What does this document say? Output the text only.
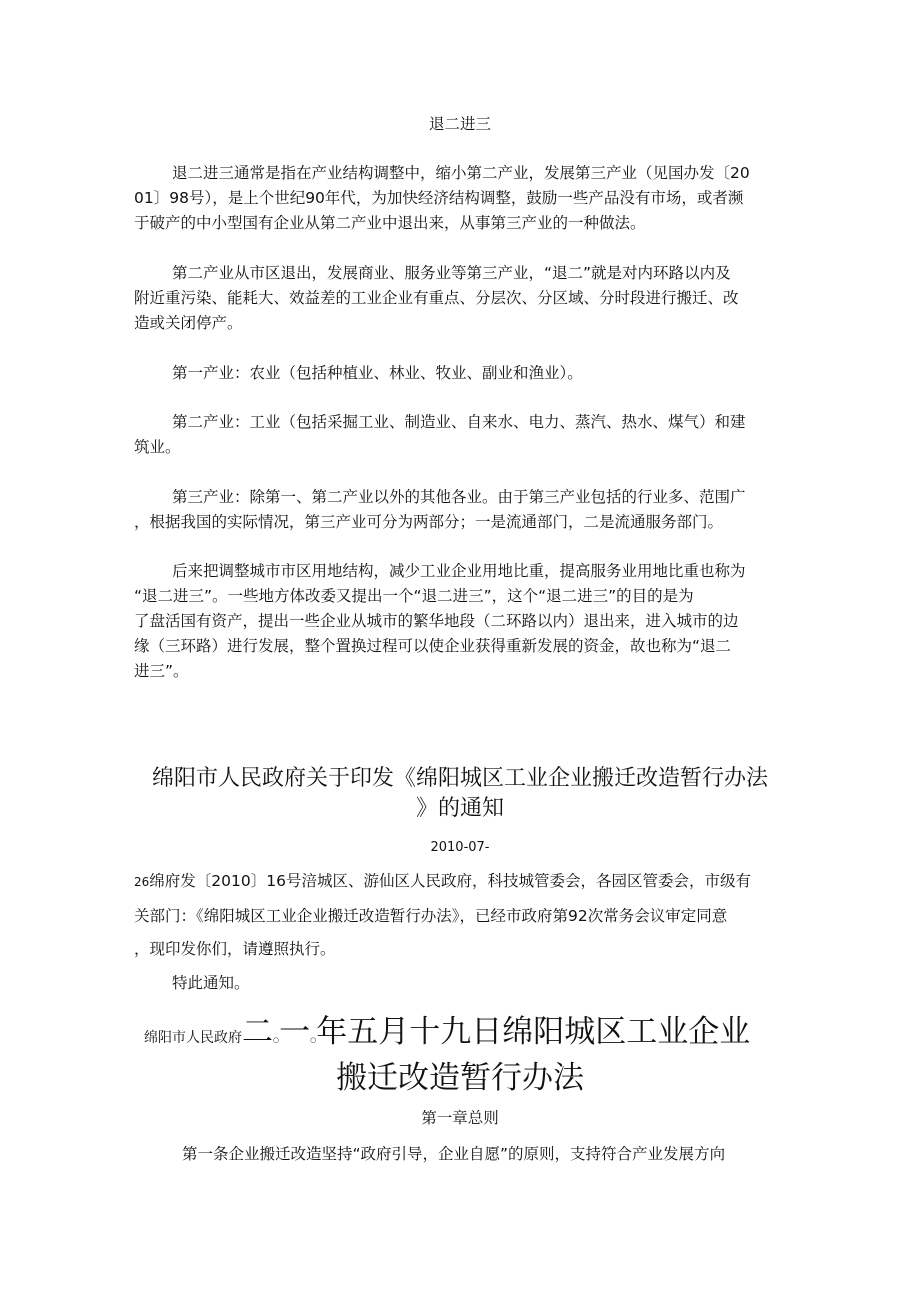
退二进三
退二进三通常是指在产业结构调整中，缩小第二产业，发展第三产业（见国办发〔20
01〕98号），是上个世纪90年代，为加快经济结构调整，鼓励一些产品没有市场，或者濒
于破产的中小型国有企业从第二产业中退出来，从事第三产业的一种做法。
第二产业从市区退出，发展商业、服务业等第三产业，“退二”就是对内环路以内及
附近重污染、能耗大、效益差的工业企业有重点、分层次、分区域、分时段进行搬迁、改
造或关闭停产。
第一产业：农业（包括种植业、林业、牧业、副业和渔业）。
第二产业：工业（包括采掘工业、制造业、自来水、电力、蒸汽、热水、煤气）和建
筑业。
第三产业：除第一、第二产业以外的其他各业。由于第三产业包括的行业多、范围广
，根据我国的实际情况，第三产业可分为两部分；一是流通部门，二是流通服务部门。
后来把调整城市市区用地结构，减少工业企业用地比重，提高服务业用地比重也称为
“退二进三”。一些地方体改委又提出一个“退二进三”，这个“退二进三”的目的是为
了盘活国有资产，提出一些企业从城市的繁华地段（二环路以内）退出来，进入城市的边
缘（三环路）进行发展，整个置换过程可以使企业获得重新发展的资金，故也称为“退二
进三”。
绵阳市人民政府关于印发《绵阳城区工业企业搬迁改造暂行办法
》的通知
2010-07-
26绵府发〔2010〕16号涪城区、游仙区人民政府，科技城管委会，各园区管委会，市级有
关部门：《绵阳城区工业企业搬迁改造暂行办法》，已经市政府第92次常务会议审定同意
，现印发你们，请遵照执行。
特此通知。
绵阳市人民政府二○一○年五月十九日绵阳城区工业企业
搬迁改造暂行办法
第一章总则
第一条企业搬迁改造坚持“政府引导，企业自愿”的原则，支持符合产业发展方向
